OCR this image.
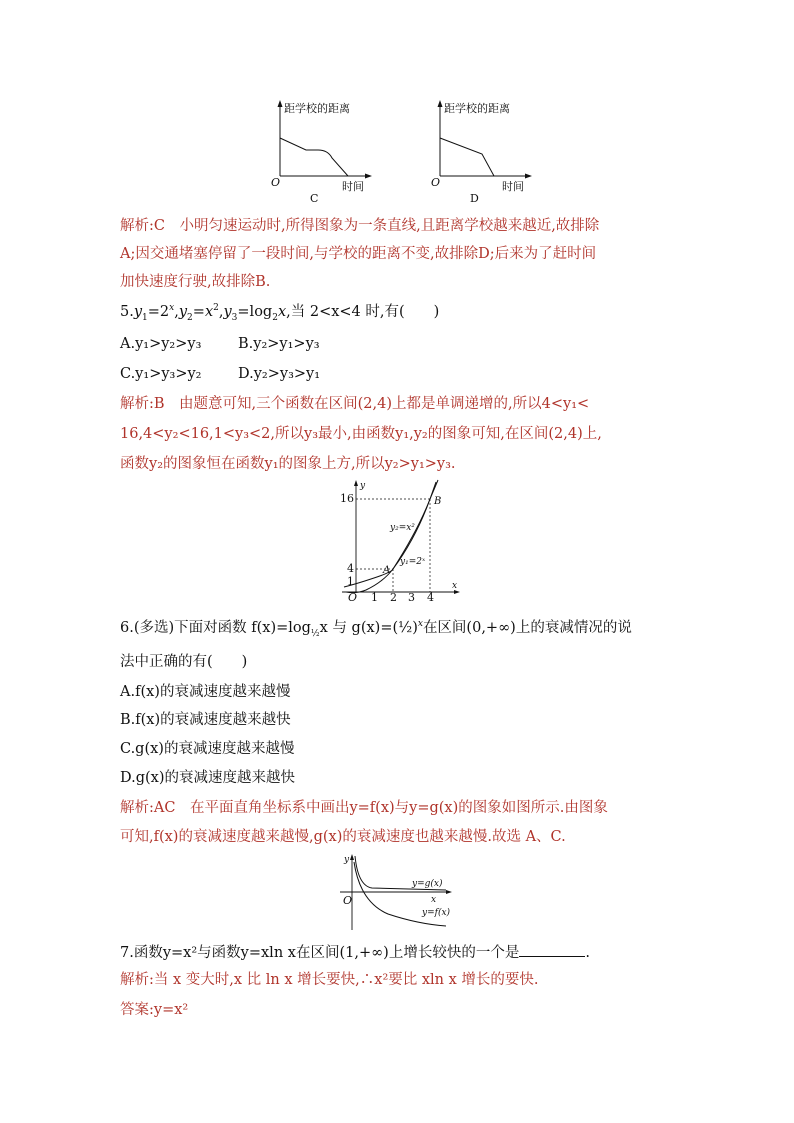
距学校的距离
O	时间
C
距学校的距离
O	时间
D
解析:C　小明匀速运动时,所得图象为一条直线,且距离学校越来越近,故排除
A;因交通堵塞停留了一段时间,与学校的距离不变,故排除D;后来为了赶时间
加快速度行驶,故排除B.
$5.y_1=2^x,y_2=x^2,y_3=\log_2x$,当 2<x<4 时,有(　　)
A.y₁>y₂>y₃	B.y₂>y₁>y₃
C.y₁>y₃>y₂	D.y₂>y₃>y₁
解析:B　由题意可知,三个函数在区间(2,4)上都是单调递增的,所以4<y₁<
16,4<y₂<16,1<y₃<2,所以y₃最小,由函数y₁,y₂的图象可知,在区间(2,4)上,
函数y₂的图象恒在函数y₁的图象上方,所以y₂>y₁>y₃.
y
x
O 1 2 3 4
1
4
16
A
B
y₂=x²
y₁=2ˣ
6.(多选)下面对函数 $f(x)=\log_{\frac{1}{2}}x$ 与 g(x)=(½)$^x$在区间(0,+∞)上的衰减情况的说
法中正确的有(　　)
A.f(x)的衰减速度越来越慢
B.f(x)的衰减速度越来越快
C.g(x)的衰减速度越来越慢
D.g(x)的衰减速度越来越快
解析:AC　在平面直角坐标系中画出y=f(x)与y=g(x)的图象如图所示.由图象
可知,f(x)的衰减速度越来越慢,g(x)的衰减速度也越来越慢.故选 A、C.
y
x
O
y=g(x)
y=f(x)
7.函数y=x²与函数y=xln x在区间(1,+∞)上增长较快的一个是	.
解析:当 x 变大时,x 比 ln x 增长要快,∴x²要比 xln x 增长的要快.
答案:y=x²
